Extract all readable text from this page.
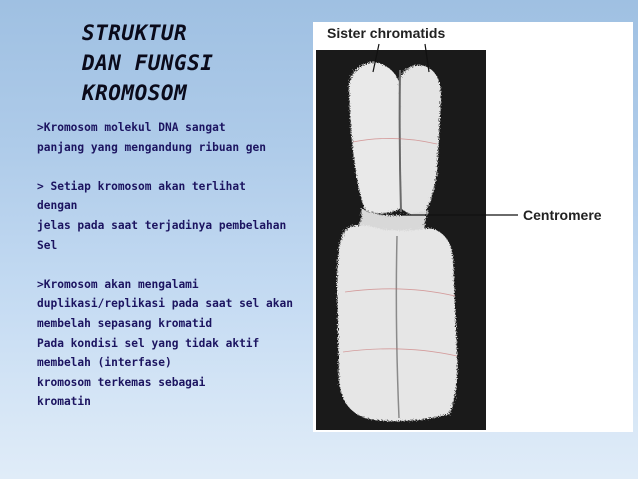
STRUKTUR
DAN FUNGSI
KROMOSOM
>Kromosom molekul DNA sangat
panjang yang mengandung ribuan gen
> Setiap kromosom akan terlihat
dengan
jelas pada saat terjadinya pembelahan
Sel
>Kromosom akan mengalami
duplikasi/replikasi pada saat sel akan
membelah sepasang kromatid
Pada kondisi sel yang tidak aktif
membelah (interfase)
kromosom terkemas sebagai
kromatin
Sister chromatids
Centromere
